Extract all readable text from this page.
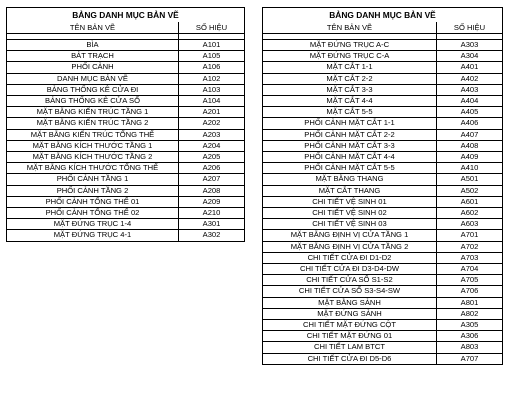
BẢNG DANH MỤC BẢN VẼ	
TÊN BẢN VẼ	SỐ HIỆU

BÌA	A101
BẢT TRẠCH	A105
PHỐI CẢNH	A106
DANH MỤC BẢN VẼ	A102
BẢNG THỐNG KÊ CỬA ĐI	A103
BẢNG THỐNG KÊ CỬA SỔ	A104
MẶT BẰNG KIẾN TRÚC TẦNG 1	A201
MẶT BẰNG KIẾN TRÚC TẦNG 2	A202
MẶT BẰNG KIẾN TRÚC TỔNG THỂ	A203
MẶT BẰNG KÍCH THƯỚC TẦNG 1	A204
MẶT BẰNG KÍCH THƯỚC TẦNG 2	A205
MẶT BẰNG KÍCH THƯỚC TỔNG THỂ	A206
PHỐI CẢNH TẦNG 1	A207
PHỐI CẢNH TẦNG 2	A208
PHỐI CẢNH TỔNG THỂ 01	A209
PHỐI CẢNH TỔNG THỂ 02	A210
MẶT ĐỨNG TRỤC 1-4	A301
MẶT ĐỨNG TRỤC 4-1	A302
BẢNG DANH MỤC BẢN VẼ	
TÊN BẢN VẼ	SỐ HIỆU

MẶT ĐỨNG TRỤC A-C	A303
MẶT ĐỨNG TRỤC C-A	A304
MẶT CẮT 1-1	A401
MẶT CẮT 2-2	A402
MẶT CẮT 3-3	A403
MẶT CẮT 4-4	A404
MẶT CẮT 5-5	A405
PHỐI CẢNH MẶT CẮT 1-1	A406
PHỐI CẢNH MẶT CẮT 2-2	A407
PHỐI CẢNH MẶT CẮT 3-3	A408
PHỐI CẢNH MẶT CẮT 4-4	A409
PHỐI CẢNH MẶT CẮT 5-5	A410
MẶT BẰNG THANG	A501
MẶT CẮT THANG	A502
CHI TIẾT VỆ SINH 01	A601
CHI TIẾT VỆ SINH 02	A602
CHI TIẾT VỆ SINH 03	A603
MẶT BẰNG ĐỊNH VỊ CỬA TẦNG 1	A701
MẶT BẰNG ĐỊNH VỊ CỬA TẦNG 2	A702
CHI TIẾT CỬA ĐI D1-D2	A703
CHI TIẾT CỬA ĐI D3-D4-DW	A704
CHI TIẾT CỬA SỔ S1-S2	A705
CHI TIẾT CỬA SỔ S3-S4-SW	A706
MẶT BẰNG SẢNH	A801
MẶT ĐỨNG SẢNH	A802
CHI TIẾT MẶT ĐỨNG CỘT	A305
CHI TIẾT MẶT ĐỨNG 01	A306
CHI TIẾT LAM BTCT	A803
CHI TIẾT CỬA ĐI D5-D6	A707
